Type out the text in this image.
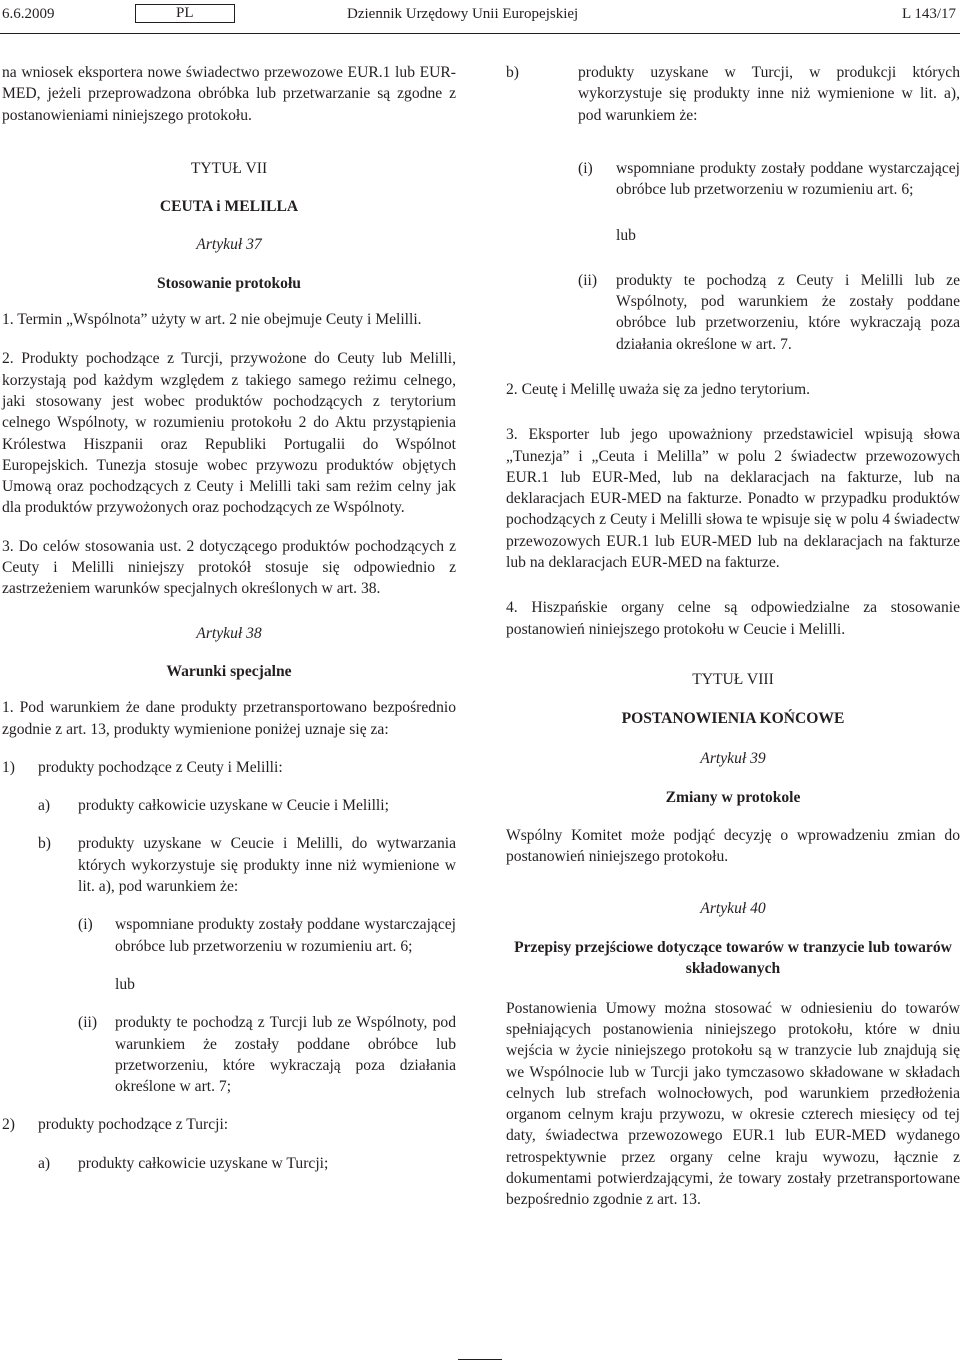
6.6.2009	PL	Dziennik Urzędowy Unii Europejskiej	L 143/17

na wniosek eksportera nowe świadectwo przewozowe EUR.1 lub EUR-MED, jeżeli przeprowadzona obróbka lub przetwarzanie są zgodne z postanowieniami niniejszego protokołu.

TYTUŁ VII

CEUTA i MELILLA

Artykuł 37

Stosowanie protokołu

1. Termin „Wspólnota” użyty w art. 2 nie obejmuje Ceuty i Melilli.

2. Produkty pochodzące z Turcji, przywożone do Ceuty lub Melilli, korzystają pod każdym względem z takiego samego reżimu celnego, jaki stosowany jest wobec produktów pochodzących z terytorium celnego Wspólnoty, w rozumieniu protokołu 2 do Aktu przystąpienia Królestwa Hiszpanii oraz Republiki Portugalii do Wspólnot Europejskich. Tunezja stosuje wobec przywozu produktów objętych Umową oraz pochodzących z Ceuty i Melilli taki sam reżim celny jak dla produktów przywożonych oraz pochodzących ze Wspólnoty.

3. Do celów stosowania ust. 2 dotyczącego produktów pochodzących z Ceuty i Melilli niniejszy protokół stosuje się odpowiednio z zastrzeżeniem warunków specjalnych określonych w art. 38.

Artykuł 38

Warunki specjalne

1. Pod warunkiem że dane produkty przetransportowano bezpośrednio zgodnie z art. 13, produkty wymienione poniżej uznaje się za:

1)	produkty pochodzące z Ceuty i Melilli:
a)	produkty całkowicie uzyskane w Ceucie i Melilli;
b)	produkty uzyskane w Ceucie i Melilli, do wytwarzania których wykorzystuje się produkty inne niż wymienione w lit. a), pod warunkiem że:
(i)	wspomniane produkty zostały poddane wystarczającej obróbce lub przetworzeniu w rozumieniu art. 6;

lub

(ii)	produkty te pochodzą z Turcji lub ze Wspólnoty, pod warunkiem że zostały poddane obróbce lub przetworzeniu, które wykraczają poza działania określone w art. 7;
2)	produkty pochodzące z Turcji:
a)	produkty całkowicie uzyskane w Turcji;
b)	produkty uzyskane w Turcji, w produkcji których wykorzystuje się produkty inne niż wymienione w lit. a), pod warunkiem że:
(i)	wspomniane produkty zostały poddane wystarczającej obróbce lub przetworzeniu w rozumieniu art. 6;

lub

(ii)	produkty te pochodzą z Ceuty i Melilli lub ze Wspólnoty, pod warunkiem że zostały poddane obróbce lub przetworzeniu, które wykraczają poza działania określone w art. 7.

2. Ceutę i Melillę uważa się za jedno terytorium.

3. Eksporter lub jego upoważniony przedstawiciel wpisują słowa „Tunezja” i „Ceuta i Melilla” w polu 2 świadectw przewozowych EUR.1 lub EUR-Med, lub na deklaracjach na fakturze, lub na deklaracjach EUR-MED na fakturze. Ponadto w przypadku produktów pochodzących z Ceuty i Melilli słowa te wpisuje się w polu 4 świadectw przewozowych EUR.1 lub EUR-MED lub na deklaracjach na fakturze lub na deklaracjach EUR-MED na fakturze.

4. Hiszpańskie organy celne są odpowiedzialne za stosowanie postanowień niniejszego protokołu w Ceucie i Melilli.

TYTUŁ VIII

POSTANOWIENIA KOŃCOWE

Artykuł 39

Zmiany w protokole

Wspólny Komitet może podjąć decyzję o wprowadzeniu zmian do postanowień niniejszego protokołu.

Artykuł 40

Przepisy przejściowe dotyczące towarów w tranzycie lub towarów składowanych

Postanowienia Umowy można stosować w odniesieniu do towarów spełniających postanowienia niniejszego protokołu, które w dniu wejścia w życie niniejszego protokołu są w tranzycie lub znajdują się we Wspólnocie lub w Turcji jako tymczasowo składowane w składach celnych lub strefach wolnocłowych, pod warunkiem przedłożenia organom celnym kraju przywozu, w okresie czterech miesięcy od tej daty, świadectwa przewozowego EUR.1 lub EUR-MED wydanego retrospektywnie przez organy celne kraju wywozu, łącznie z dokumentami potwierdzającymi, że towary zostały przetransportowane bezpośrednio zgodnie z art. 13.
